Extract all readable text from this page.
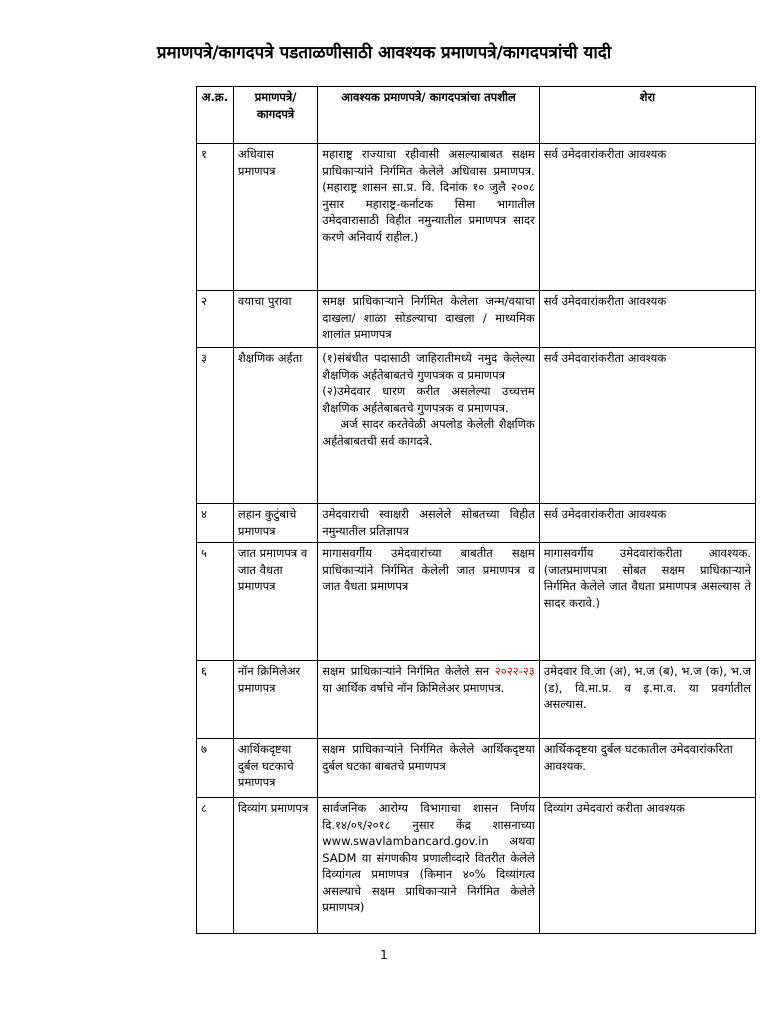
प्रमाणपत्रे/कागदपत्रे पडताळणीसाठी आवश्यक प्रमाणपत्रे/कागदपत्रांची यादी
अ.क्र.	प्रमाणपत्रे/ कागदपत्रे	आवश्यक प्रमाणपत्रे/ कागदपत्रांचा तपशील	शेरा
१	अधिवास प्रमाणपत्र	महाराष्ट्र राज्याचा रहीवासी असल्याबाबत सक्षम प्राधिकाऱ्यांने निर्गमित केलेले अधिवास प्रमाणपत्र. (महाराष्ट्र शासन सा.प्र. वि. दिनांक १० जुलै २००८ नुसार महाराष्ट्र-कर्नाटक सिमा भागातील उमेदवारासाठी विहीत नमुन्यातील प्रमाणपत्र सादर करणे अनिवार्य राहील.)	सर्व उमेदवारांकरीता आवश्यक
२	वयाचा पुरावा	समक्ष प्राधिकाऱ्याने निर्गमित केलेला जन्म/वयाचा दाखला/ शाळा सोडल्याचा दाखला / माध्यमिक शालांत प्रमाणपत्र	सर्व उमेदवारांकरीता आवश्यक
३	शैक्षणिक अर्हता	(१)संबंधीत पदासाठी जाहिरातीमध्ये नमुद केलेल्या शैक्षणिक अर्हतेबाबतचे गुणपत्रक व प्रमाणपत्र
(२)उमेदवार धारण करीत असलेल्या उच्चत्तम शैक्षणिक अर्हतेबाबतचे गुणपत्रक व प्रमाणपत्र.
अर्ज सादर करतेवेळी अपलोड केलेली शैक्षणिक अर्हतेबाबतची सर्व कागदत्रे.	सर्व उमेदवारांकरीता आवश्यक
४	लहान कुटुंबाचे प्रमाणपत्र	उमेदवाराची स्वाक्षरी असलेले सोबतच्या विहीत नमुन्यातील प्रतिज्ञापत्र	सर्व उमेदवारांकरीता आवश्यक
५	जात प्रमाणपत्र व जात वैधता प्रमाणपत्र	मागासवर्गीय उमेदवारांच्या बाबतीत सक्षम प्राधिकाऱ्यांने निर्गमित केलेली जात प्रमाणपत्र व जात वैधता प्रमाणपत्र	मागासवर्गीय उमेदवारांकरीता आवश्यक. (जातप्रमाणपत्रा सोबत सक्षम प्राधिकाऱ्याने निर्गमित केलेले जात वैधता प्रमाणपत्र असल्यास ते सादर करावे.)
६	नॉन क्रिमिलेअर प्रमाणपत्र	सक्षम प्राधिकाऱ्यांने निर्गमित केलेले सन २०२२-२३ या आर्थिक वर्षाचे नॉन क्रिमिलेअर प्रमाणपत्र.	उमेदवार वि.जा (अ), भ.ज (ब), भ.ज (क), भ.ज (ड), वि.मा.प्र. व इ.मा.व. या प्रवर्गातील असल्यास.
७	आर्थिकदृष्टया दुर्बल घटकाचे प्रमाणपत्र	सक्षम प्राधिकाऱ्यांने निर्गमित केलेले आर्थिकदृष्टया दुर्बल घटका बाबतचे प्रमाणपत्र	आर्थिकदृष्टया दुर्बल घटकातील उमेदवारांकरिता आवश्यक.
८	दिव्यांग प्रमाणपत्र	सार्वजनिक आरोग्य विभागाचा शासन निर्णय दि.१४/०९/२०१८ नुसार केंद्र शासनाच्या www.swavlambancard.gov.in अथवा SADM या संगणकीय प्रणालीव्दारे वितरीत केलेले दिव्यांगत्व प्रमाणपत्र (किमान ४०% दिव्यांगत्व असल्याचे सक्षम प्राधिकाऱ्याने निर्गमित केलेले प्रमाणपत्र)	दिव्यांग उमेदवारां करीता आवश्यक
1
